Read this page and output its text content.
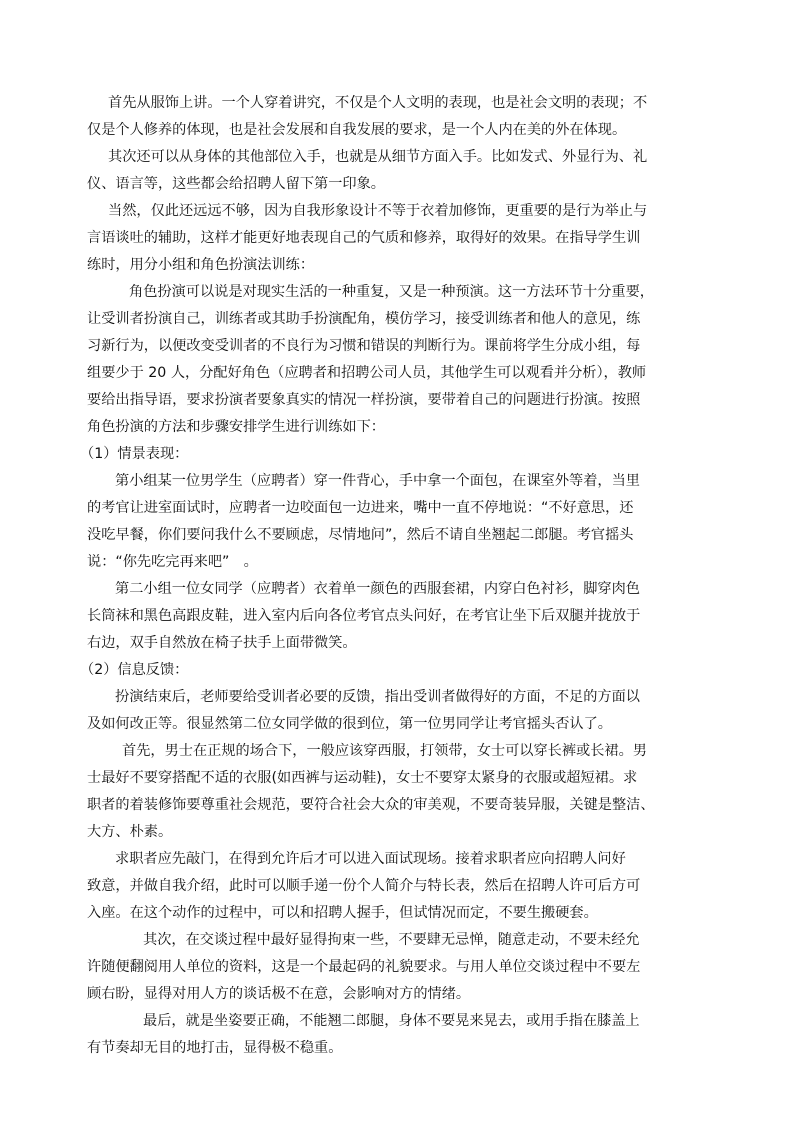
首先从服饰上讲。一个人穿着讲究，不仅是个人文明的表现，也是社会文明的表现；不
仅是个人修养的体现，也是社会发展和自我发展的要求，是一个人内在美的外在体现。

其次还可以从身体的其他部位入手，也就是从细节方面入手。比如发式、外显行为、礼
仪、语言等，这些都会给招聘人留下第一印象。

当然，仅此还远远不够，因为自我形象设计不等于衣着加修饰，更重要的是行为举止与
言语谈吐的辅助，这样才能更好地表现自己的气质和修养，取得好的效果。在指导学生训
练时，用分小组和角色扮演法训练：

角色扮演可以说是对现实生活的一种重复，又是一种预演。这一方法环节十分重要，
让受训者扮演自己，训练者或其助手扮演配角，模仿学习，接受训练者和他人的意见，练
习新行为，以便改变受训者的不良行为习惯和错误的判断行为。课前将学生分成小组，每
组要少于 20 人，分配好角色（应聘者和招聘公司人员，其他学生可以观看并分析），教师
要给出指导语，要求扮演者要象真实的情况一样扮演，要带着自己的问题进行扮演。按照
角色扮演的方法和步骤安排学生进行训练如下：

（1）情景表现：

第小组某一位男学生（应聘者）穿一件背心，手中拿一个面包，在课室外等着，当里
的考官让进室面试时，应聘者一边咬面包一边进来，嘴中一直不停地说：“不好意思，还
没吃早餐，你们要问我什么不要顾虑，尽情地问”，然后不请自坐翘起二郎腿。考官摇头
说：“你先吃完再来吧”　。

第二小组一位女同学（应聘者）衣着单一颜色的西服套裙，内穿白色衬衫，脚穿肉色
长筒袜和黑色高跟皮鞋，进入室内后向各位考官点头问好，在考官让坐下后双腿并拢放于
右边，双手自然放在椅子扶手上面带微笑。

（2）信息反馈：

扮演结束后，老师要给受训者必要的反馈，指出受训者做得好的方面，不足的方面以
及如何改正等。很显然第二位女同学做的很到位，第一位男同学让考官摇头否认了。

首先，男士在正规的场合下，一般应该穿西服，打领带，女士可以穿长裤或长裙。男
士最好不要穿搭配不适的衣服(如西裤与运动鞋)，女士不要穿太紧身的衣服或超短裙。求
职者的着装修饰要尊重社会规范，要符合社会大众的审美观，不要奇装异服，关键是整洁、
大方、朴素。

求职者应先敲门，在得到允许后才可以进入面试现场。接着求职者应向招聘人问好
致意，并做自我介绍，此时可以顺手递一份个人简介与特长表，然后在招聘人许可后方可
入座。在这个动作的过程中，可以和招聘人握手，但试情况而定，不要生搬硬套。

其次，在交谈过程中最好显得拘束一些，不要肆无忌惮，随意走动，不要未经允
许随便翻阅用人单位的资料，这是一个最起码的礼貌要求。与用人单位交谈过程中不要左
顾右盼，显得对用人方的谈话极不在意，会影响对方的情绪。

最后，就是坐姿要正确，不能翘二郎腿，身体不要晃来晃去，或用手指在膝盖上
有节奏却无目的地打击，显得极不稳重。
